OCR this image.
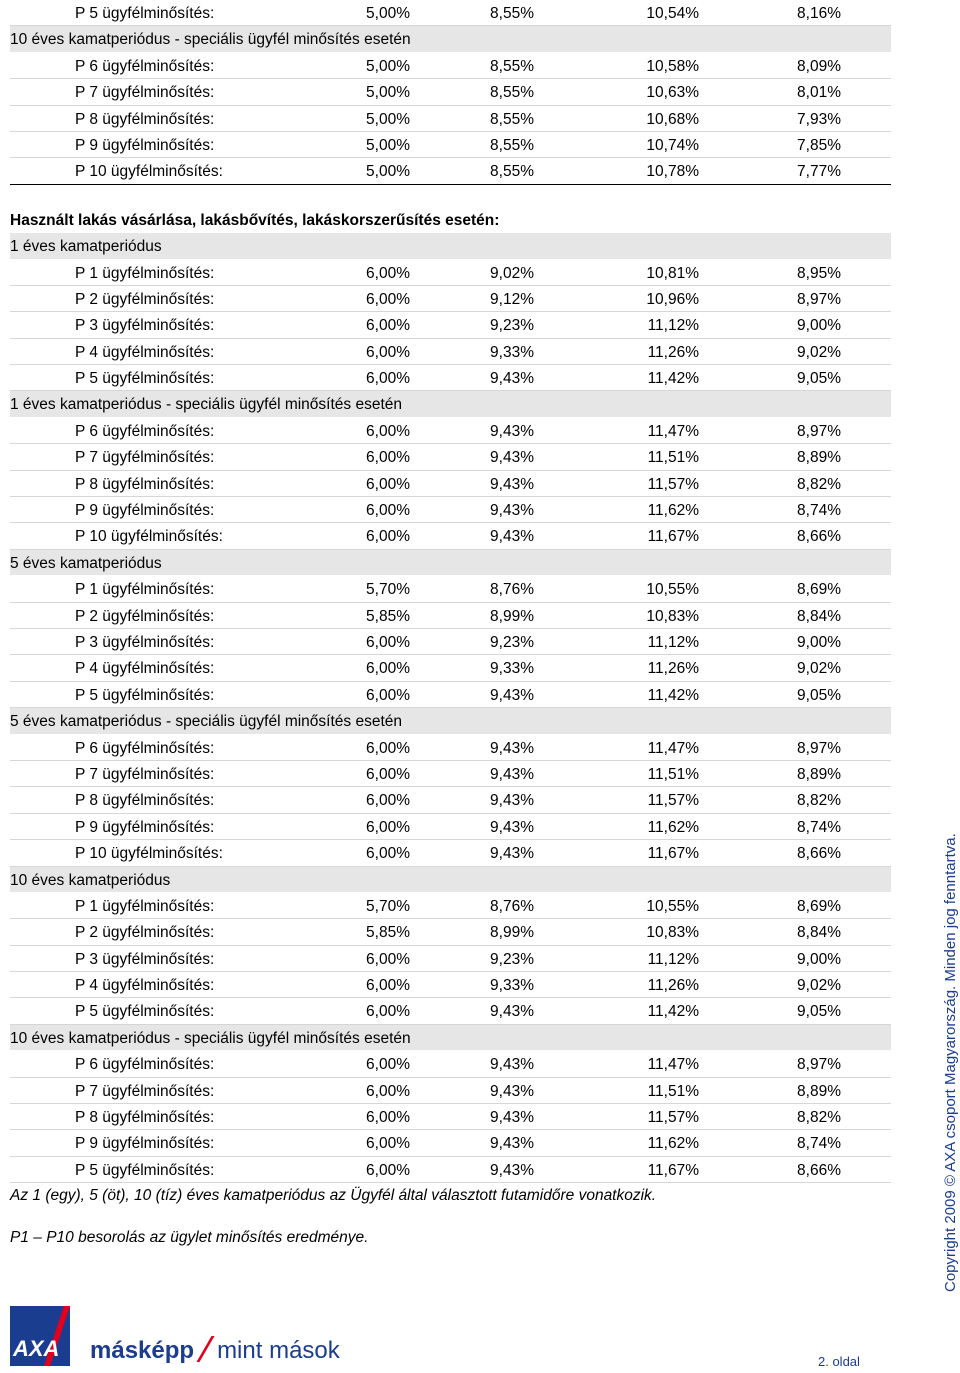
P 5 ügyfélminősítés:	5,00%	8,55%	10,54%	8,16%
10 éves kamatperiódus - speciális ügyfél minősítés esetén
P 6 ügyfélminősítés:	5,00%	8,55%	10,58%	8,09%
P 7 ügyfélminősítés:	5,00%	8,55%	10,63%	8,01%
P 8 ügyfélminősítés:	5,00%	8,55%	10,68%	7,93%
P 9 ügyfélminősítés:	5,00%	8,55%	10,74%	7,85%
P 10 ügyfélminősítés:	5,00%	8,55%	10,78%	7,77%
Használt lakás vásárlása, lakásbővítés, lakáskorszerűsítés esetén:
1 éves kamatperiódus
P 1 ügyfélminősítés:	6,00%	9,02%	10,81%	8,95%
P 2 ügyfélminősítés:	6,00%	9,12%	10,96%	8,97%
P 3 ügyfélminősítés:	6,00%	9,23%	11,12%	9,00%
P 4 ügyfélminősítés:	6,00%	9,33%	11,26%	9,02%
P 5 ügyfélminősítés:	6,00%	9,43%	11,42%	9,05%
1 éves kamatperiódus - speciális ügyfél minősítés esetén
P 6 ügyfélminősítés:	6,00%	9,43%	11,47%	8,97%
P 7 ügyfélminősítés:	6,00%	9,43%	11,51%	8,89%
P 8 ügyfélminősítés:	6,00%	9,43%	11,57%	8,82%
P 9 ügyfélminősítés:	6,00%	9,43%	11,62%	8,74%
P 10 ügyfélminősítés:	6,00%	9,43%	11,67%	8,66%
5 éves kamatperiódus
P 1 ügyfélminősítés:	5,70%	8,76%	10,55%	8,69%
P 2 ügyfélminősítés:	5,85%	8,99%	10,83%	8,84%
P 3 ügyfélminősítés:	6,00%	9,23%	11,12%	9,00%
P 4 ügyfélminősítés:	6,00%	9,33%	11,26%	9,02%
P 5 ügyfélminősítés:	6,00%	9,43%	11,42%	9,05%
5 éves kamatperiódus - speciális ügyfél minősítés esetén
P 6 ügyfélminősítés:	6,00%	9,43%	11,47%	8,97%
P 7 ügyfélminősítés:	6,00%	9,43%	11,51%	8,89%
P 8 ügyfélminősítés:	6,00%	9,43%	11,57%	8,82%
P 9 ügyfélminősítés:	6,00%	9,43%	11,62%	8,74%
P 10 ügyfélminősítés:	6,00%	9,43%	11,67%	8,66%
10 éves kamatperiódus
P 1 ügyfélminősítés:	5,70%	8,76%	10,55%	8,69%
P 2 ügyfélminősítés:	5,85%	8,99%	10,83%	8,84%
P 3 ügyfélminősítés:	6,00%	9,23%	11,12%	9,00%
P 4 ügyfélminősítés:	6,00%	9,33%	11,26%	9,02%
P 5 ügyfélminősítés:	6,00%	9,43%	11,42%	9,05%
10 éves kamatperiódus - speciális ügyfél minősítés esetén
P 6 ügyfélminősítés:	6,00%	9,43%	11,47%	8,97%
P 7 ügyfélminősítés:	6,00%	9,43%	11,51%	8,89%
P 8 ügyfélminősítés:	6,00%	9,43%	11,57%	8,82%
P 9 ügyfélminősítés:	6,00%	9,43%	11,62%	8,74%
P 5 ügyfélminősítés:	6,00%	9,43%	11,67%	8,66%
Az 1 (egy), 5 (öt), 10 (tíz) éves kamatperiódus az Ügyfél által választott futamidőre vonatkozik.
P1 – P10 besorolás az ügylet minősítés eredménye.	Copyright 2009 © AXA csoport Magyarország. Minden jog fenntartva.
AXA másképp mint mások	2. oldal
